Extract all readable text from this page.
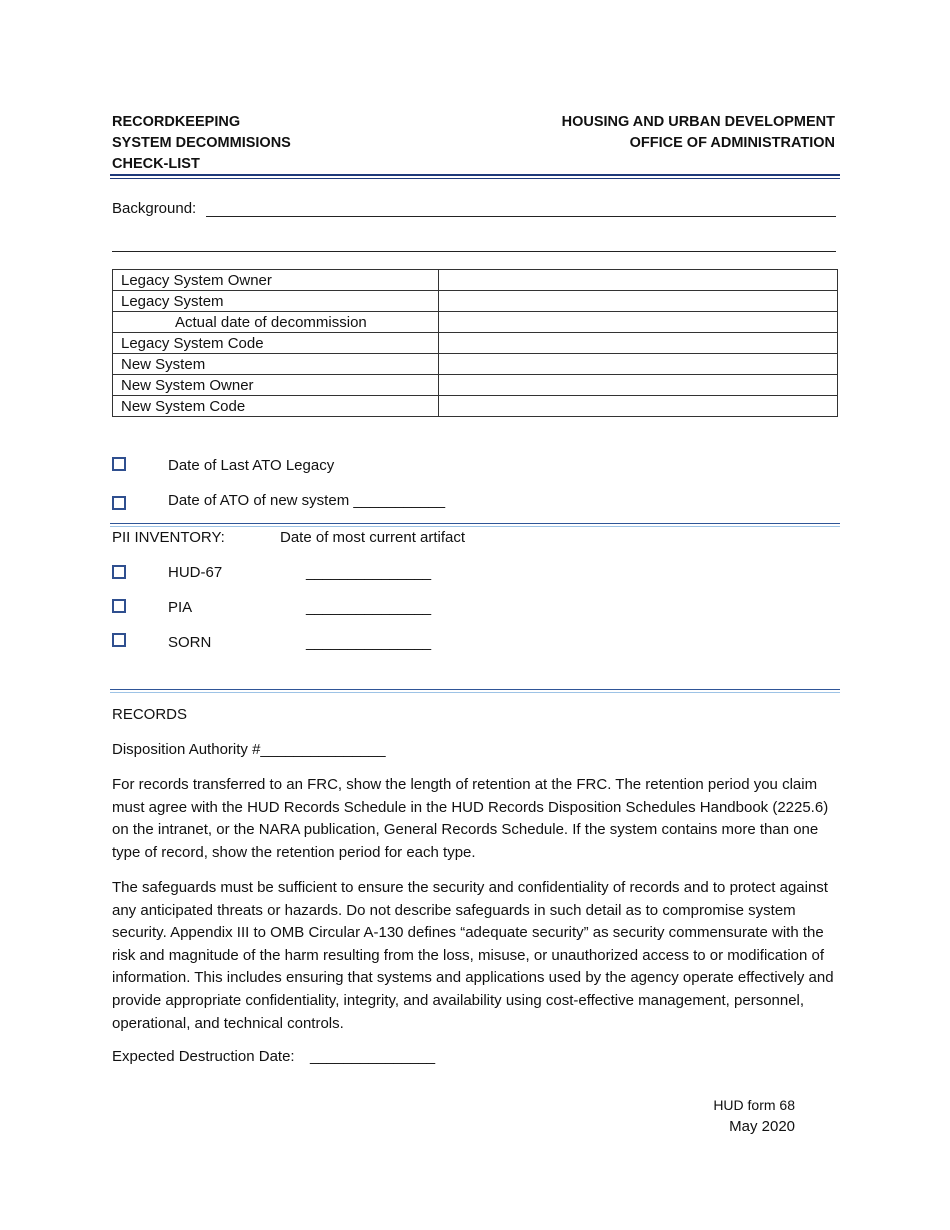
RECORDKEEPING
SYSTEM DECOMMISIONS
CHECK-LIST
HOUSING AND URBAN DEVELOPMENT
OFFICE OF ADMINISTRATION
Background:
Legacy System Owner	
Legacy System	
Actual date of decommission	
Legacy System Code	
New System	
New System Owner	
New System Code	
Date of Last ATO Legacy
Date of ATO of new system ___________
PII INVENTORY:	Date of most current artifact
HUD-67	_______________
PIA	_______________
SORN	_______________
RECORDS
Disposition Authority #_______________
For records transferred to an FRC, show the length of retention at the FRC. The retention period you claim must agree with the HUD Records Schedule in the HUD Records Disposition Schedules Handbook (2225.6) on the intranet, or the NARA publication, General Records Schedule. If the system contains more than one type of record, show the retention period for each type.
The safeguards must be sufficient to ensure the security and confidentiality of records and to protect against any anticipated threats or hazards. Do not describe safeguards in such detail as to compromise system security. Appendix III to OMB Circular A-130 defines “adequate security” as security commensurate with the risk and magnitude of the harm resulting from the loss, misuse, or unauthorized access to or modification of information. This includes ensuring that systems and applications used by the agency operate effectively and provide appropriate confidentiality, integrity, and availability using cost-effective management, personnel, operational, and technical controls.
Expected Destruction Date: _______________
HUD form 68
May 2020
